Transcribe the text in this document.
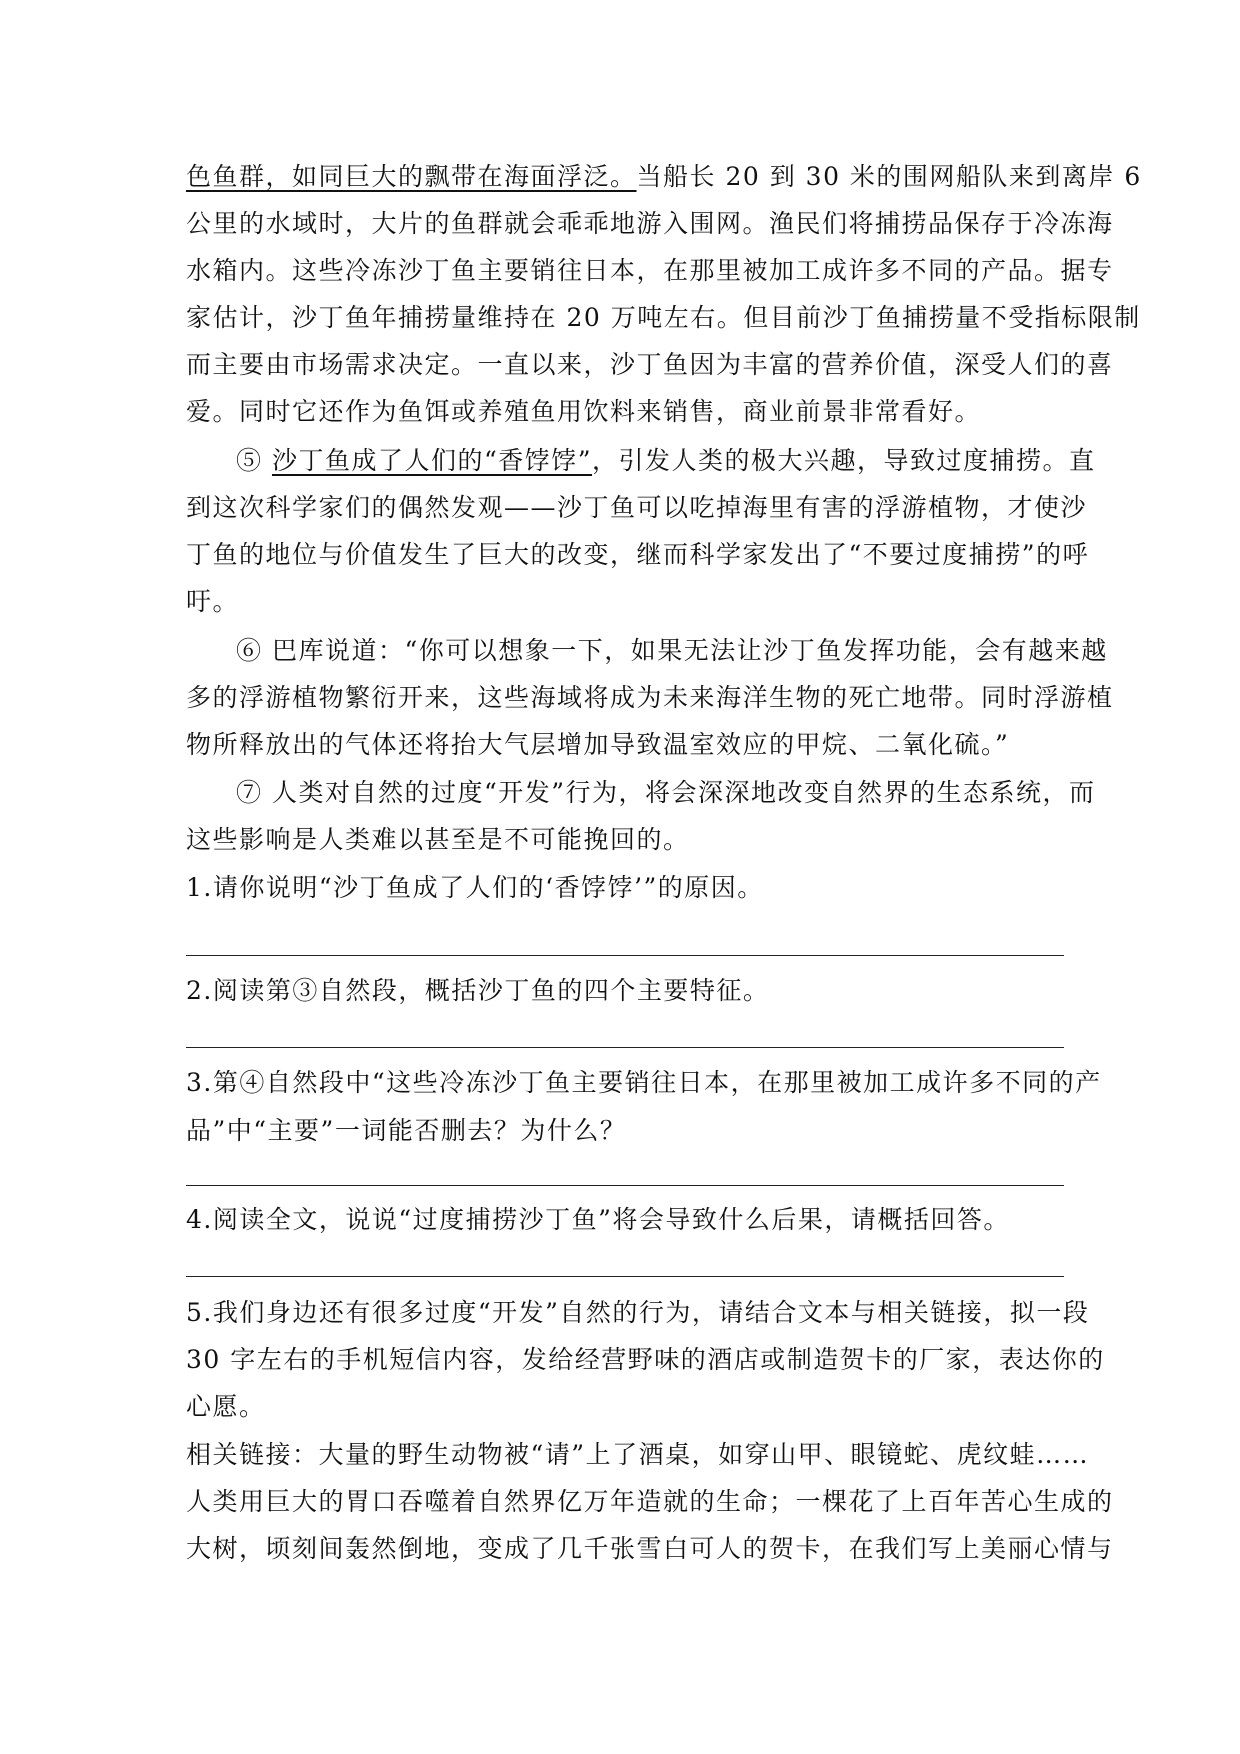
色鱼群，如同巨大的飘带在海面浮泛。当船长 20 到 30 米的围网船队来到离岸 6
公里的水域时，大片的鱼群就会乖乖地游入围网。渔民们将捕捞品保存于冷冻海
水箱内。这些冷冻沙丁鱼主要销往日本，在那里被加工成许多不同的产品。据专
家估计，沙丁鱼年捕捞量维持在 20 万吨左右。但目前沙丁鱼捕捞量不受指标限制
而主要由市场需求决定。一直以来，沙丁鱼因为丰富的营养价值，深受人们的喜
爱。同时它还作为鱼饵或养殖鱼用饮料来销售，商业前景非常看好。
⑤ 沙丁鱼成了人们的“香饽饽”，引发人类的极大兴趣，导致过度捕捞。直
到这次科学家们的偶然发观——沙丁鱼可以吃掉海里有害的浮游植物，才使沙
丁鱼的地位与价值发生了巨大的改变，继而科学家发出了“不要过度捕捞”的呼
吁。
⑥ 巴库说道：“你可以想象一下，如果无法让沙丁鱼发挥功能，会有越来越
多的浮游植物繁衍开来，这些海域将成为未来海洋生物的死亡地带。同时浮游植
物所释放出的气体还将抬大气层增加导致温室效应的甲烷、二氧化硫。”
⑦ 人类对自然的过度“开发”行为，将会深深地改变自然界的生态系统，而
这些影响是人类难以甚至是不可能挽回的。
1.请你说明“沙丁鱼成了人们的‘香饽饽’”的原因。
2.阅读第③自然段，概括沙丁鱼的四个主要特征。
3.第④自然段中“这些冷冻沙丁鱼主要销往日本，在那里被加工成许多不同的产
品”中“主要”一词能否删去？为什么？
4.阅读全文，说说“过度捕捞沙丁鱼”将会导致什么后果，请概括回答。
5.我们身边还有很多过度“开发”自然的行为，请结合文本与相关链接，拟一段
30 字左右的手机短信内容，发给经营野味的酒店或制造贺卡的厂家，表达你的
心愿。
相关链接：大量的野生动物被“请”上了酒桌，如穿山甲、眼镜蛇、虎纹蛙……
人类用巨大的胃口吞噬着自然界亿万年造就的生命；一棵花了上百年苦心生成的
大树，顷刻间轰然倒地，变成了几千张雪白可人的贺卡，在我们写上美丽心情与
